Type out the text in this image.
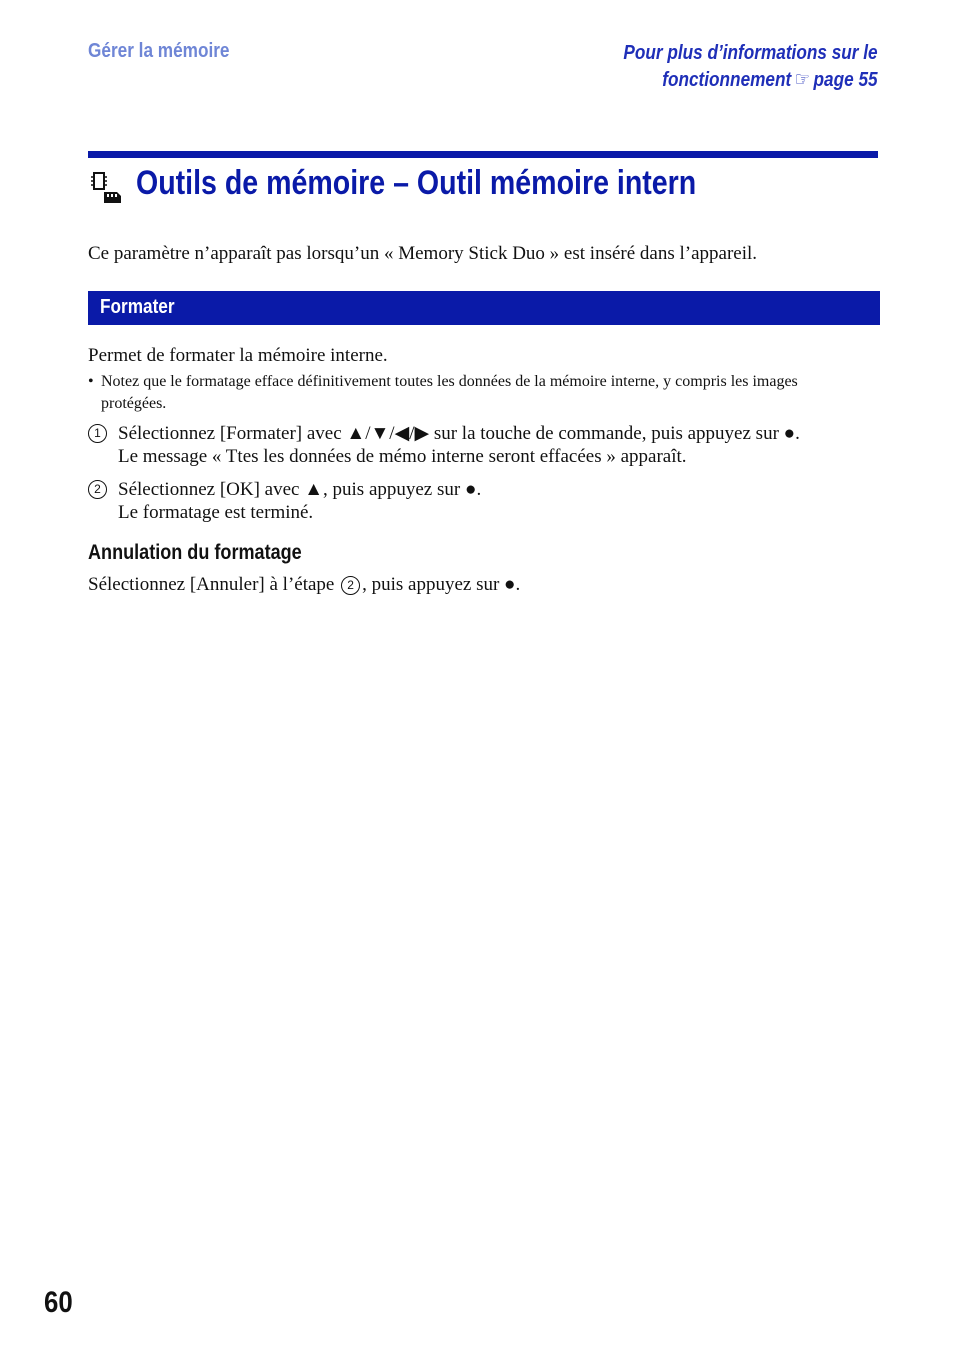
Gérer la mémoire	Pour plus d’informations sur le
fonctionnement ☞ page 55
Outils de mémoire – Outil mémoire intern
Ce paramètre n’apparaît pas lorsqu’un « Memory Stick Duo » est inséré dans l’appareil.
Formater
Permet de formater la mémoire interne.
• Notez que le formatage efface définitivement toutes les données de la mémoire interne, y compris les images protégées.
1 Sélectionnez [Formater] avec ▲/▼/◀/▶ sur la touche de commande, puis appuyez sur ●.
Le message « Ttes les données de mémo interne seront effacées » apparaît.
2 Sélectionnez [OK] avec ▲, puis appuyez sur ●.
Le formatage est terminé.
Annulation du formatage
Sélectionnez [Annuler] à l’étape 2 , puis appuyez sur ●.
60
